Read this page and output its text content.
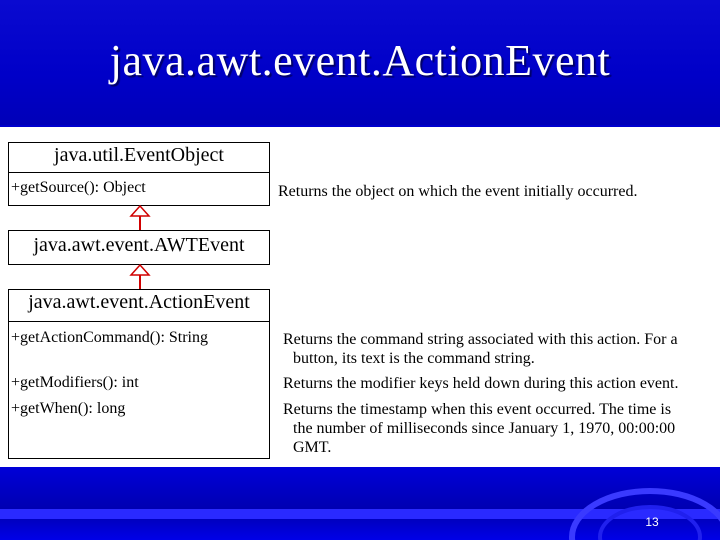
java.awt.event.ActionEvent
java.util.EventObject
+getSource(): Object	Returns the object on which the event initially occurred.
java.awt.event.AWTEvent
java.awt.event.ActionEvent
+getActionCommand(): String
+getModifiers(): int
+getWhen(): long
Returns the command string associated with this action. For a
button, its text is the command string.
Returns the modifier keys held down during this action event.
Returns the timestamp when this event occurred. The time is
the number of milliseconds since January 1, 1970, 00:00:00
GMT.
13
